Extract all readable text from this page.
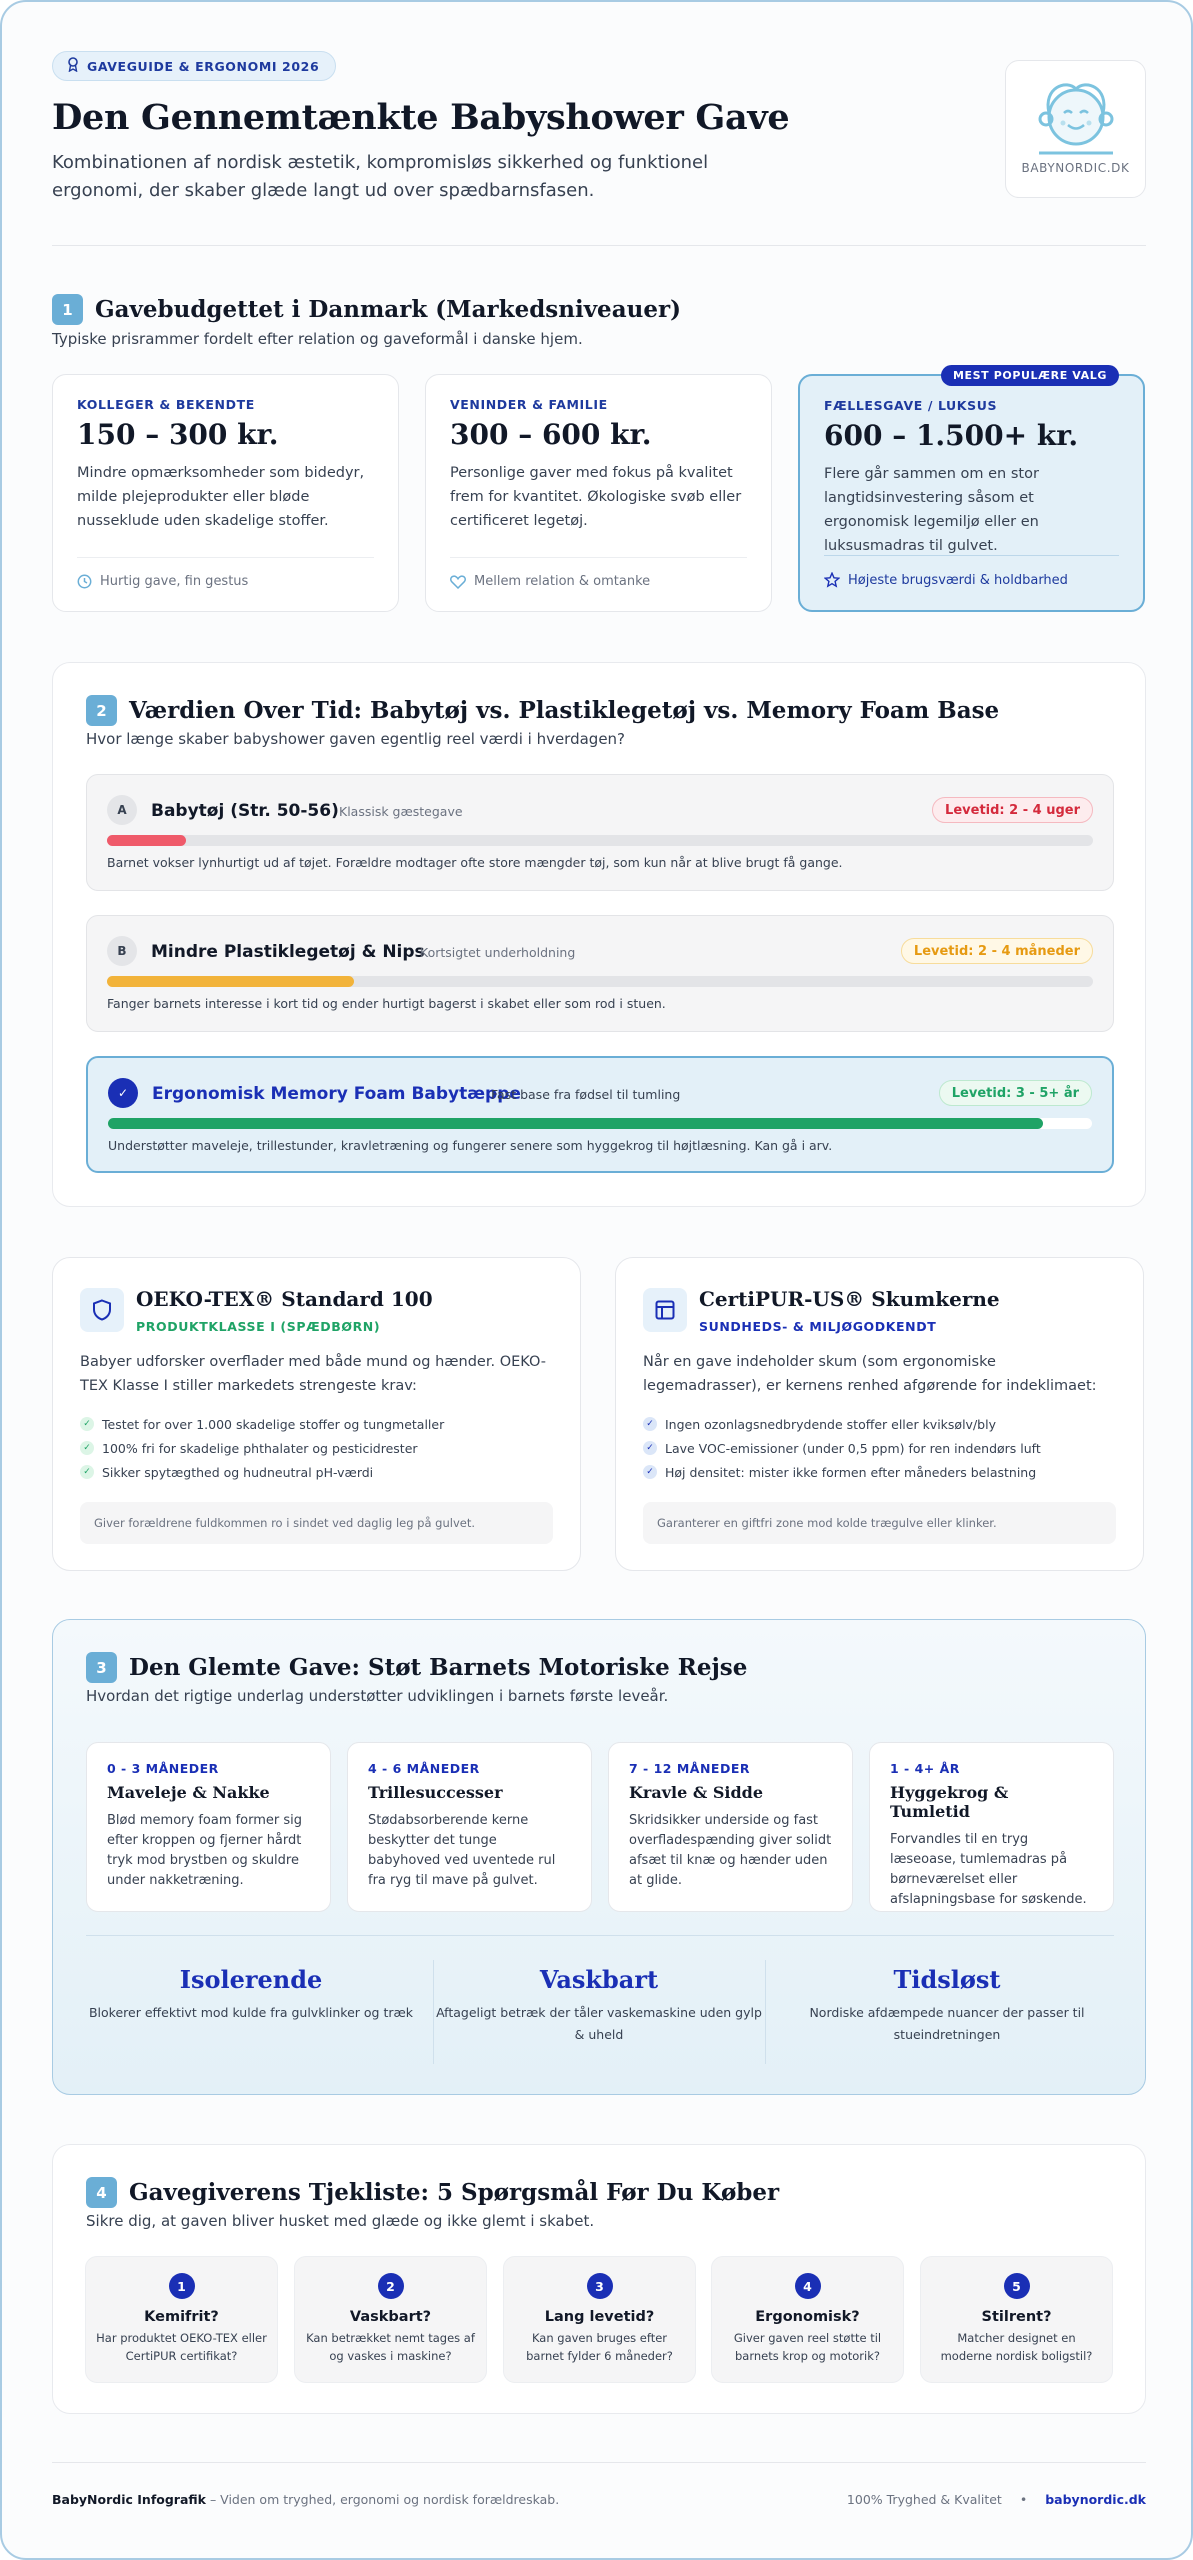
GAVEGUIDE & ERGONOMI 2026
Den Gennemtænkte Babyshower Gave
Kombinationen af nordisk æstetik, kompromisløs sikkerhed og funktionel ergonomi, der skaber glæde langt ud over spædbarnsfasen.
BABYNORDIC.DK
1 Gavebudgettet i Danmark (Markedsniveauer)
Typiske prisrammer fordelt efter relation og gaveformål i danske hjem.
KOLLEGER & BEKENDTE
150 – 300 kr.
Mindre opmærksomheder som bidedyr, milde plejeprodukter eller bløde nusseklude uden skadelige stoffer.
Hurtig gave, fin gestus
VENINDER & FAMILIE
300 – 600 kr.
Personlige gaver med fokus på kvalitet frem for kvantitet. Økologiske svøb eller certificeret legetøj.
Mellem relation & omtanke
MEST POPULÆRE VALG
FÆLLESGAVE / LUKSUS
600 – 1.500+ kr.
Flere går sammen om en stor langtidsinvestering såsom et ergonomisk legemiljø eller en luksusmadras til gulvet.
Højeste brugsværdi & holdbarhed
2 Værdien Over Tid: Babytøj vs. Plastiklegetøj vs. Memory Foam Base
Hvor længe skaber babyshower gaven egentlig reel værdi i hverdagen?
A	Babytøj (Str. 50-56) Klassisk gæstegave	Levetid: 2 - 4 uger
Barnet vokser lynhurtigt ud af tøjet. Forældre modtager ofte store mængder tøj, som kun når at blive brugt få gange.
B	Mindre Plastiklegetøj & Nips
Kortsigtet underholdning	Levetid: 2 - 4 måneder
Fanger barnets interesse i kort tid og ender hurtigt bagerst i skabet eller som rod i stuen.
✓	Ergonomisk Memory Foam Babytæppe
Fast base fra fødsel til tumling	Levetid: 3 - 5+ år
Understøtter maveleje, trillestunder, kravletræning og fungerer senere som hyggekrog til højtlæsning. Kan gå i arv.
OEKO-TEX® Standard 100
PRODUKTKLASSE I (SPÆDBØRN)
Babyer udforsker overflader med både mund og hænder. OEKO-TEX Klasse I stiller markedets strengeste krav:
✓ Testet for over 1.000 skadelige stoffer og tungmetaller
✓ 100% fri for skadelige phthalater og pesticidrester
✓ Sikker spytægthed og hudneutral pH-værdi
Giver forældrene fuldkommen ro i sindet ved daglig leg på gulvet.
CertiPUR-US® Skumkerne
SUNDHEDS- & MILJØGODKENDT
Når en gave indeholder skum (som ergonomiske legemadrasser), er kernens renhed afgørende for indeklimaet:
✓ Ingen ozonlagsnedbrydende stoffer eller kviksølv/bly
✓ Lave VOC-emissioner (under 0,5 ppm) for ren indendørs luft
✓ Høj densitet: mister ikke formen efter måneders belastning
Garanterer en giftfri zone mod kolde trægulve eller klinker.
3 Den Glemte Gave: Støt Barnets Motoriske Rejse
Hvordan det rigtige underlag understøtter udviklingen i barnets første leveår.
0 - 3 MÅNEDER
Maveleje & Nakke
Blød memory foam former sig efter kroppen og fjerner hårdt tryk mod brystben og skuldre under nakketræning.
4 - 6 MÅNEDER
Trillesuccesser
Stødabsorberende kerne beskytter det tunge babyhoved ved uventede rul fra ryg til mave på gulvet.
7 - 12 MÅNEDER
Kravle & Sidde
Skridsikker underside og fast overfladespænding giver solidt afsæt til knæ og hænder uden at glide.
1 - 4+ ÅR
Hyggekrog & Tumletid
Forvandles til en tryg læseoase, tumlemadras på børneværelset eller afslapningsbase for søskende.
Isolerende
Blokerer effektivt mod kulde fra gulvklinker og træk
Vaskbart
Aftageligt betræk der tåler vaskemaskine uden gylp & uheld
Tidsløst
Nordiske afdæmpede nuancer der passer til stueindretningen
4 Gavegiverens Tjekliste: 5 Spørgsmål Før Du Køber
Sikre dig, at gaven bliver husket med glæde og ikke glemt i skabet.
1
Kemifrit?
Har produktet OEKO-TEX eller CertiPUR certifikat?
2
Vaskbart?
Kan betrækket nemt tages af og vaskes i maskine?
3
Lang levetid?
Kan gaven bruges efter barnet fylder 6 måneder?
4
Ergonomisk?
Giver gaven reel støtte til barnets krop og motorik?
5
Stilrent?
Matcher designet en moderne nordisk boligstil?
BabyNordic Infografik – Viden om tryghed, ergonomi og nordisk forældreskab.	100% Tryghed & Kvalitet • babynordic.dk
